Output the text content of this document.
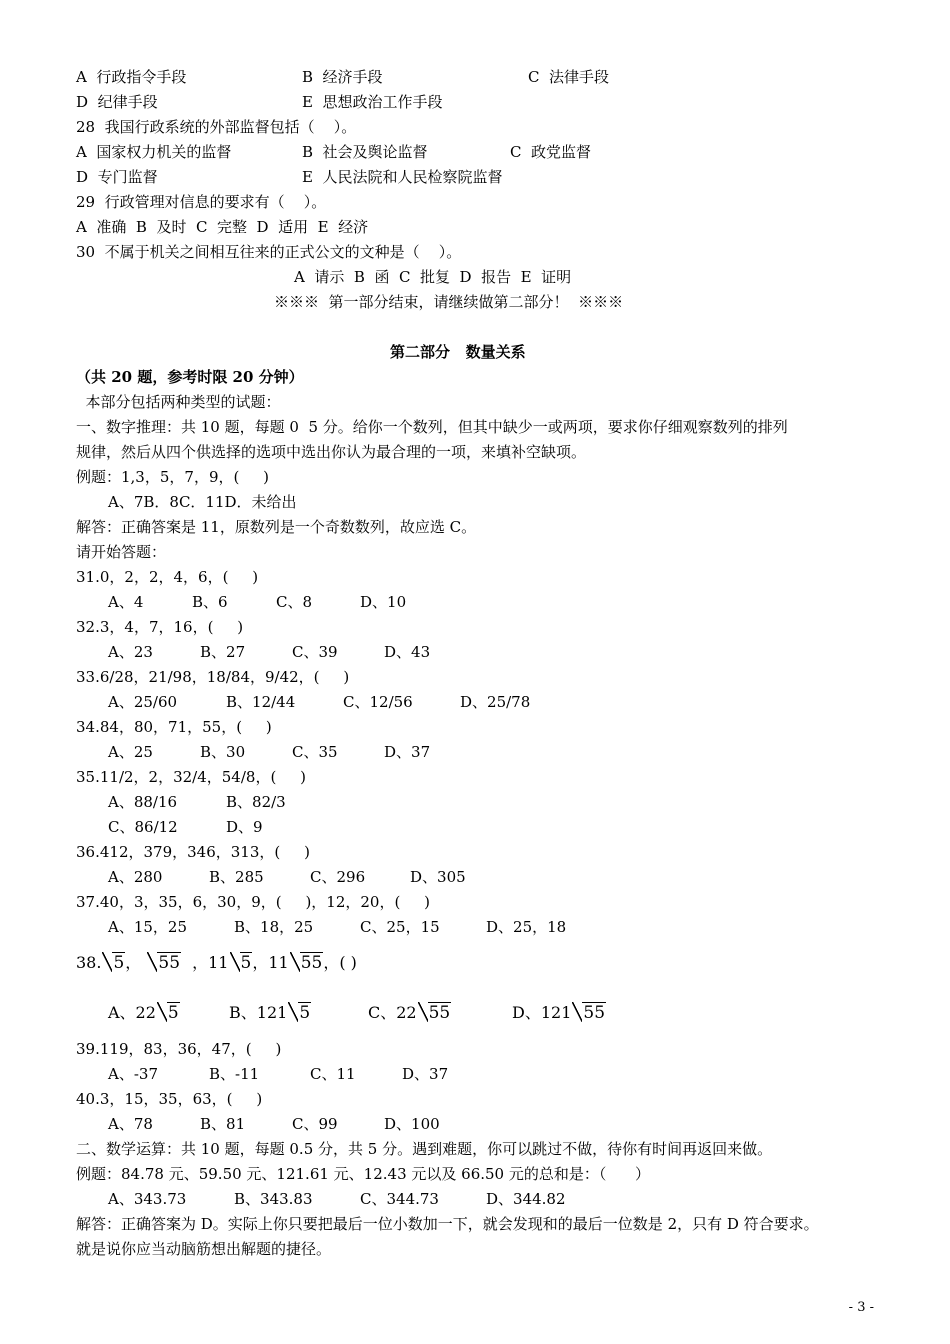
A  行政指令手段	B  经济手段	C  法律手段
D  纪律手段	E  思想政治工作手段
28  我国行政系统的外部监督包括（    ）。
A  国家权力机关的监督	B  社会及舆论监督	C  政党监督
D  专门监督	E  人民法院和人民检察院监督
29  行政管理对信息的要求有（    ）。
A  准确  B  及时  C  完整  D  适用  E  经济
30  不属于机关之间相互往来的正式公文的文种是（    ）。
A  请示  B  函  C  批复  D  报告  E  证明
※※※  第一部分结束，请继续做第二部分！  ※※※
第二部分   数量关系
（共 20 题，参考时限 20 分钟）
本部分包括两种类型的试题：
一、数字推理：共 10 题，每题 0  5 分。给你一个数列，但其中缺少一或两项，要求你仔细观察数列的排列
规律，然后从四个供选择的选项中选出你认为最合理的一项，来填补空缺项。
例题：1,3，5，7，9，(     )
A、7B．8C．11D．未给出
解答：正确答案是 11，原数列是一个奇数数列，故应选 C。
请开始答题：
31.0，2，2，4，6，(     )
A、4	B、6	C、8	D、10
32.3，4，7，16，(     )
A、23	B、27	C、39	D、43
33.6/28，21/98，18/84，9/42，(     )
A、25/60	B、12/44	C、12/56	D、25/78
34.84，80，71，55，(     )
A、25	B、30	C、35	D、37
35.11/2，2，32/4，54/8，(     )
A、88/16	B、82/3
C、86/12	D、9
36.412，379，346，313，(     )
A、280	B、285	C、296	D、305
37.40，3，35，6，30，9，(     )，12，20，(     )
A、15，25	B、18，25	C、25，15	D、25，18
38. 5， 55 ，11 5，11 55，( )
A、22 5	B、121 5	C、22 55	D、121 55
39.119，83，36，47，(     )
A、-37	B、-11	C、11	D、37
40.3，15，35，63，(     )
A、78	B、81	C、99	D、100
二、数学运算：共 10 题，每题 0.5 分，共 5 分。遇到难题，你可以跳过不做，待你有时间再返回来做。
例题：84.78 元、59.50 元、121.61 元、12.43 元以及 66.50 元的总和是：（      ）
A、343.73	B、343.83	C、344.73	D、344.82
解答：正确答案为 D。实际上你只要把最后一位小数加一下，就会发现和的最后一位数是 2，只有 D 符合要求。
就是说你应当动脑筋想出解题的捷径。
- 3 -
